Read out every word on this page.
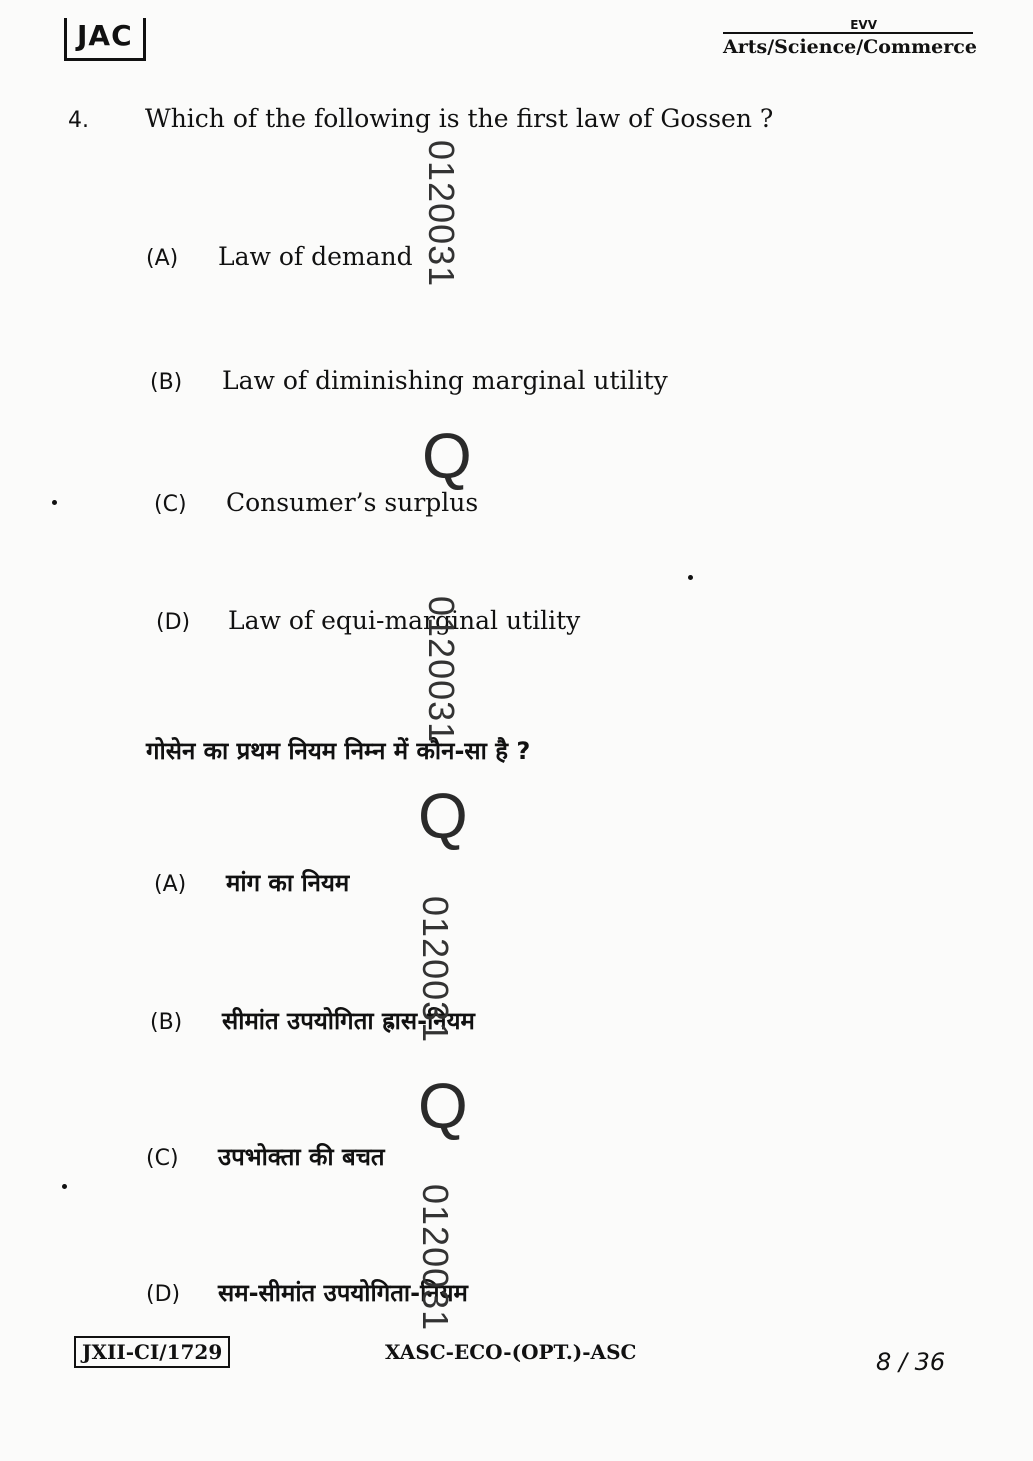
JAC	EVV
Arts/Science/Commerce
4. Which of the following is the first law of Gossen ?
(A) Law of demand
(B) Law of diminishing marginal utility
(C) Consumer’s surplus
(D) Law of equi-marginal utility
गोसेन का प्रथम नियम निम्न में कौन-सा है ?
(A) मांग का नियम
(B) सीमांत उपयोगिता ह्रास-नियम
(C) उपभोक्ता की बचत
(D) सम-सीमांत उपयोगिता-नियम
0120031
Q
0120031
Q
0120031
Q
0120031
JXII-CI/1729	XASC-ECO-(OPT.)-ASC	8 / 36
